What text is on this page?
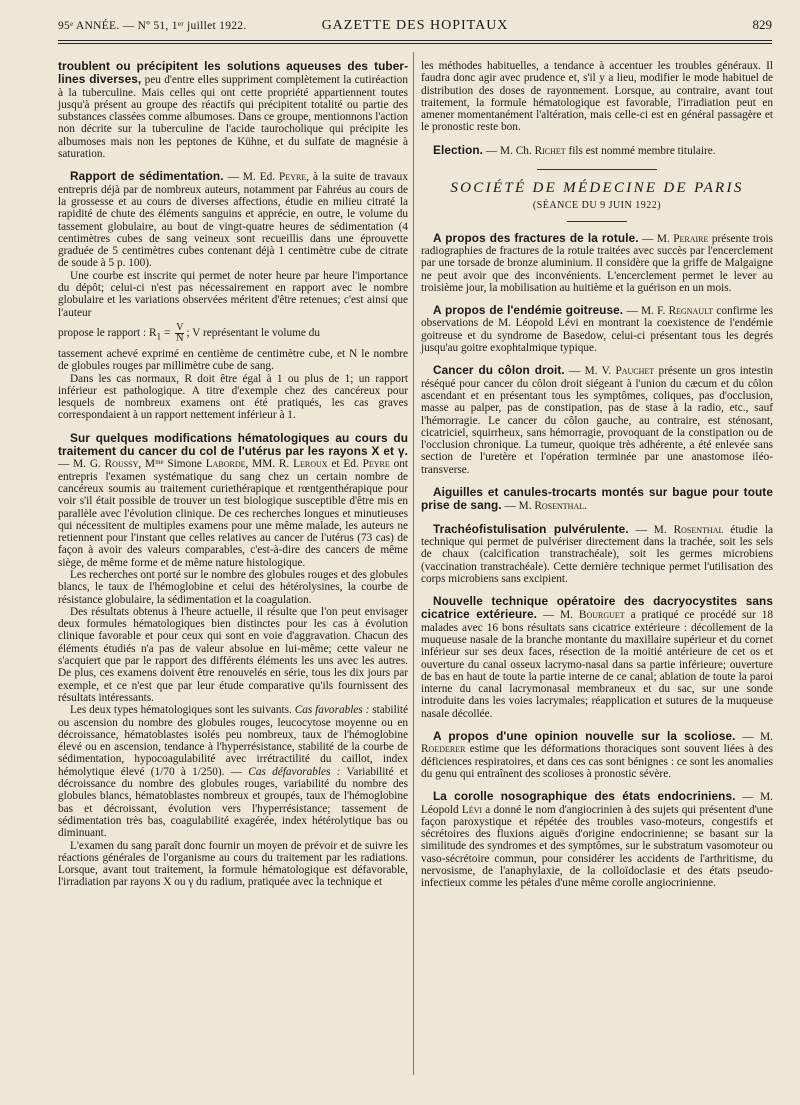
95ᵉ ANNÉE. — Nº 51, 1ᵉʳ juillet 1922.	GAZETTE DES HOPITAUX	829

troublent ou précipitent les solutions aqueuses des tuberlines diverses, peu d'entre elles suppriment complètement la cutiréaction à la tuberculine. Mais celles qui ont cette propriété appartiennent toutes jusqu'à présent au groupe des réactifs qui précipitent totalité ou partie des substances classées comme albumoses. Dans ce groupe, mentionnons l'action non décrite sur la tuberculine de l'acide taurocholique qui précipite les albumoses mais non les peptones de Kühne, et du sulfate de magnésie à saturation.

Rapport de sédimentation. — M. Ed. Peyre, à la suite de travaux entrepris déjà par de nombreux auteurs, notamment par Fahréus au cours de la grossesse et au cours de diverses affections, étudie en milieu citraté la rapidité de chute des éléments sanguins et apprécie, en outre, le volume du tassement globulaire, au bout de vingt-quatre heures de sédimentation (4 centimètres cubes de sang veineux sont recueillis dans une éprouvette graduée de 5 centimètres cubes contenant déjà 1 centimètre cube de citrate de soude à 5 p. 100).

Une courbe est inscrite qui permet de noter heure par heure l'importance du dépôt; celui-ci n'est pas nécessairement en rapport avec le nombre globulaire et les variations observées méritent d'être retenues; c'est ainsi que l'auteur

propose le rapport : $R_1 = \frac{V}{N}$ ; V représentant le volume du

tassement achevé exprimé en centième de centimètre cube, et N le nombre de globules rouges par millimètre cube de sang.

Dans les cas normaux, R doit être égal à 1 ou plus de 1; un rapport inférieur est pathologique. A titre d'exemple chez des cancéreux pour lesquels de nombreux examens ont été pratiqués, les cas graves correspondaient à un rapport nettement inférieur à 1.

Sur quelques modifications hématologiques au cours du traitement du cancer du col de l'utérus par les rayons X et γ. — M. G. Roussy, Mᵐᵉ Simone Laborde, MM. R. Leroux et Ed. Peyre ont entrepris l'examen systématique du sang chez un certain nombre de cancéreux soumis au traitement curiethérapique et rœntgenthérapique pour voir s'il était possible de trouver un test biologique susceptible d'être mis en parallèle avec l'évolution clinique. De ces recherches longues et minutieuses qui nécessitent de multiples examens pour une même malade, les auteurs ne retiennent pour l'instant que celles relatives au cancer de l'utérus (73 cas) de façon à avoir des valeurs comparables, c'est-à-dire des cancers de même siège, de même forme et de même nature histologique.

Les recherches ont porté sur le nombre des globules rouges et des globules blancs, le taux de l'hémoglobine et celui des hétérolysines, la courbe de résistance globulaire, la sédimentation et la coagulation.

Des résultats obtenus à l'heure actuelle, il résulte que l'on peut envisager deux formules hématologiques bien distinctes pour les cas à évolution clinique favorable et pour ceux qui sont en voie d'aggravation. Chacun des éléments étudiés n'a pas de valeur absolue en lui-même; cette valeur ne s'acquiert que par le rapport des différents éléments les uns avec les autres. De plus, ces examens doivent être renouvelés en série, tous les dix jours par exemple, et ce n'est que par leur étude comparative qu'ils fournissent des résultats intéressants.

Les deux types hématologiques sont les suivants. Cas favorables : stabilité ou ascension du nombre des globules rouges, leucocytose moyenne ou en décroissance, hématoblastes isolés peu nombreux, taux de l'hémoglobine élevé ou en ascension, tendance à l'hyperrésistance, stabilité de la courbe de sédimentation, hypocoagulabilité avec irrétractilité du caillot, index hémolytique élevé (1/70 à 1/250). — Cas défavorables : Variabilité et décroissance du nombre des globules rouges, variabilité du nombre des globules blancs, hématoblastes nombreux et groupés, taux de l'hémoglobine bas et décroissant, évolution vers l'hyperrésistance; tassement de sédimentation très bas, coagulabilité exagérée, index hétérolytique bas ou diminuant.

L'examen du sang paraît donc fournir un moyen de prévoir et de suivre les réactions générales de l'organisme au cours du traitement par les radiations. Lorsque, avant tout traitement, la formule hématologique est défavorable, l'irradiation par rayons X ou γ du radium, pratiquée avec la technique et

les méthodes habituelles, a tendance à accentuer les troubles généraux. Il faudra donc agir avec prudence et, s'il y a lieu, modifier le mode habituel de distribution des doses de rayonnement. Lorsque, au contraire, avant tout traitement, la formule hématologique est favorable, l'irradiation peut en amener momentanément l'altération, mais celle-ci est en général passagère et le pronostic reste bon.

Election. — M. Ch. Richet fils est nommé membre titulaire.

SOCIÉTÉ DE MÉDECINE DE PARIS
(SÉANCE DU 9 JUIN 1922)

A propos des fractures de la rotule. — M. Peraire présente trois radiographies de fractures de la rotule traitées avec succès par l'encerclement par une torsade de bronze aluminium. Il considère que la griffe de Malgaigne ne peut avoir que des inconvénients. L'encerclement permet le lever au troisième jour, la mobilisation au huitième et la guérison en un mois.

A propos de l'endémie goitreuse. — M. F. Regnault confirme les observations de M. Léopold Lévi en montrant la coexistence de l'endémie goitreuse et du syndrome de Basedow, celui-ci présentant tous les degrés jusqu'au goitre exophtalmique typique.

Cancer du côlon droit. — M. V. Pauchet présente un gros intestin réséqué pour cancer du côlon droit siégeant à l'union du cæcum et du côlon ascendant et en présentant tous les symptômes, coliques, pas d'occlusion, masse au palper, pas de constipation, pas de stase à la radio, etc., sauf l'hémorragie. Le cancer du côlon gauche, au contraire, est sténosant, cicatriciel, squirrheux, sans hémorragie, provoquant de la constipation ou de l'occlusion chronique. La tumeur, quoique très adhérente, a été enlevée sans section de l'uretère et l'opération terminée par une anastomose iléo-transverse.

Aiguilles et canules-trocarts montés sur bague pour toute prise de sang. — M. Rosenthal.

Trachéofistulisation pulvérulente. — M. Rosenthal étudie la technique qui permet de pulvériser directement dans la trachée, soit les sels de chaux (calcification transtrachéale), soit les germes microbiens (vaccination transtrachéale). Cette dernière technique permet l'utilisation des corps microbiens sans excipient.

Nouvelle technique opératoire des dacryocystites sans cicatrice extérieure. — M. Bourguet a pratiqué ce procédé sur 18 malades avec 16 bons résultats sans cicatrice extérieure : décollement de la muqueuse nasale de la branche montante du maxillaire supérieur et du cornet inférieur sur ses deux faces, résection de la moitié antérieure de cet os et ouverture du canal osseux lacrymo-nasal dans sa partie inférieure; ouverture de bas en haut de toute la partie interne de ce canal; ablation de toute la paroi interne du canal lacrymonasal membraneux et du sac, sur une sonde introduite dans les voies lacrymales; réapplication et sutures de la muqueuse nasale décollée.

A propos d'une opinion nouvelle sur la scoliose. — M. Roederer estime que les déformations thoraciques sont souvent liées à des déficiences respiratoires, et dans ces cas sont bénignes : ce sont les anomalies du genu qui entraînent des scolioses à pronostic sévère.

La corolle nosographique des états endocriniens. — M. Léopold Lévi a donné le nom d'angiocrinien à des sujets qui présentent d'une façon paroxystique et répétée des troubles vaso-moteurs, congestifs et sécrétoires des fluxions aiguës d'origine endocrinienne; se basant sur la similitude des syndromes et des symptômes, sur le substratum vasomoteur ou vaso-sécrétoire commun, pour considérer les accidents de l'arthritisme, du nervosisme, de l'anaphylaxie, de la colloïdoclasie et des états pseudo-infectieux comme les pétales d'une même corolle angiocrinienne.
